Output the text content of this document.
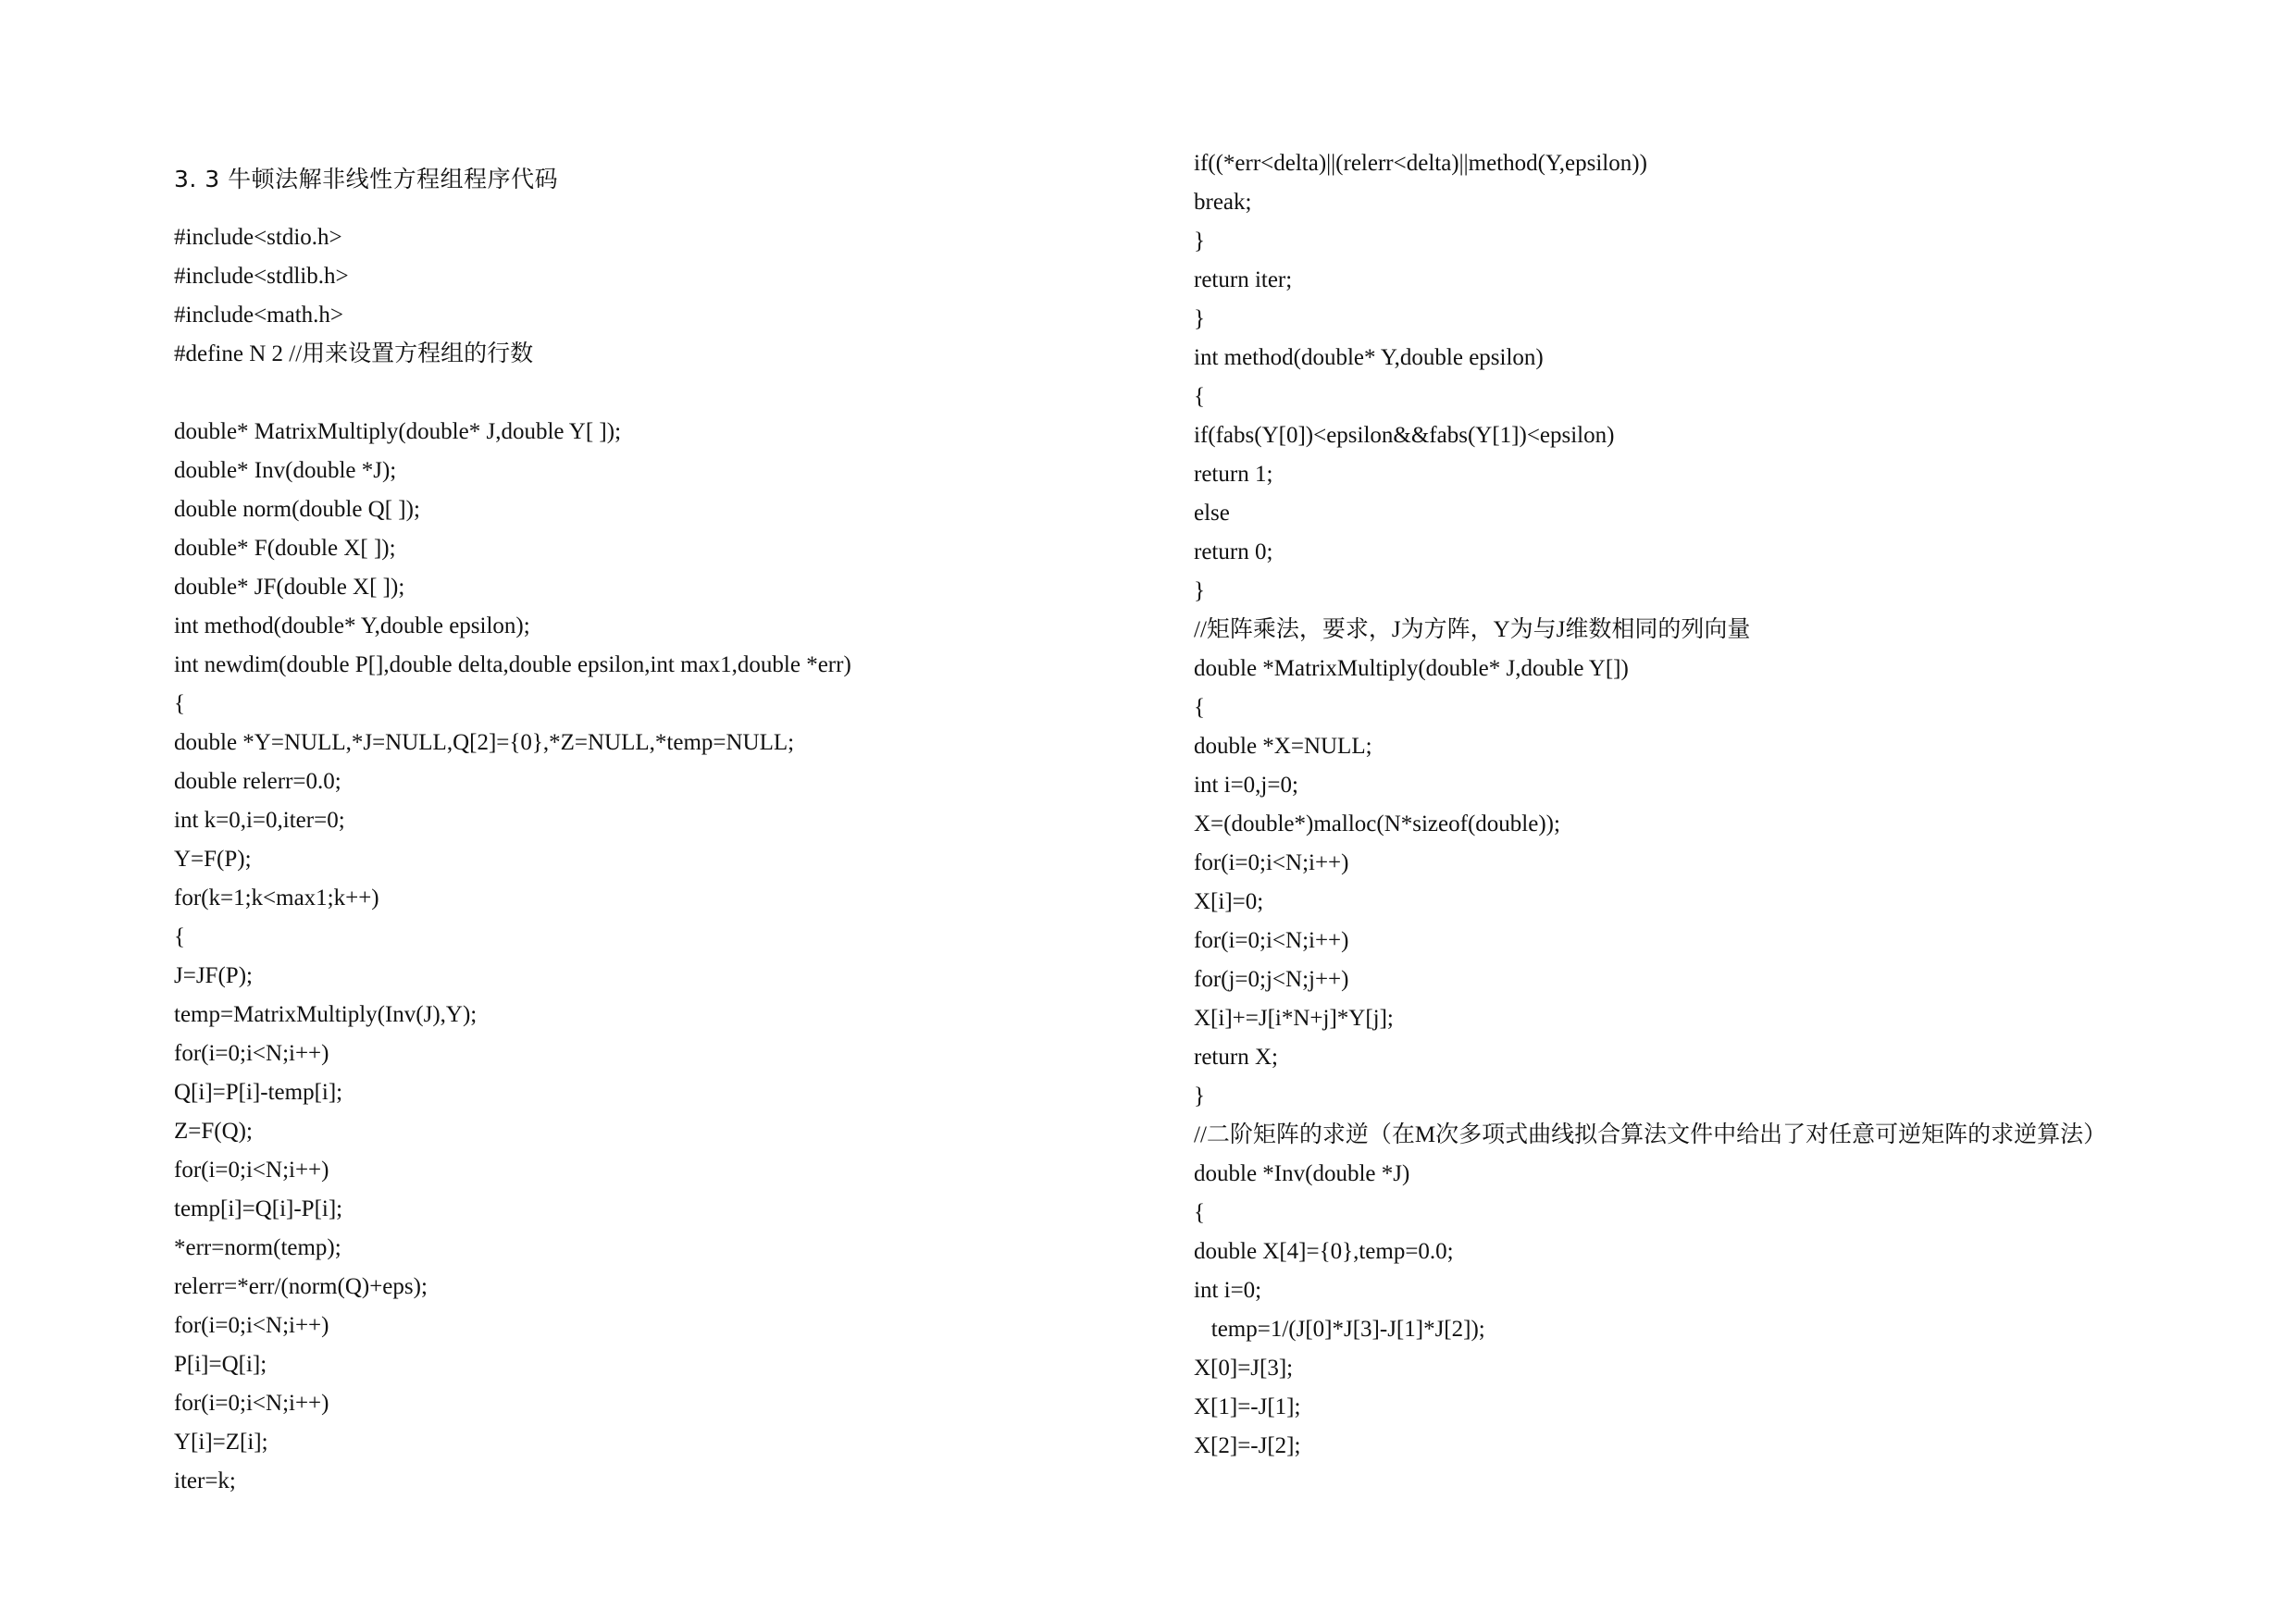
3. 3 牛顿法解非线性方程组程序代码
#include<stdio.h>
#include<stdlib.h>
#include<math.h>
#define N 2 //用来设置方程组的行数
double* MatrixMultiply(double* J,double Y[ ]);
double* Inv(double *J);
double norm(double Q[ ]);
double* F(double X[ ]);
double* JF(double X[ ]);
int method(double* Y,double epsilon);
int newdim(double P[],double delta,double epsilon,int max1,double *err)
{
double *Y=NULL,*J=NULL,Q[2]={0},*Z=NULL,*temp=NULL;
double relerr=0.0;
int k=0,i=0,iter=0;
Y=F(P);
for(k=1;k<max1;k++)
{
J=JF(P);
temp=MatrixMultiply(Inv(J),Y);
for(i=0;i<N;i++)
Q[i]=P[i]-temp[i];
Z=F(Q);
for(i=0;i<N;i++)
temp[i]=Q[i]-P[i];
*err=norm(temp);
relerr=*err/(norm(Q)+eps);
for(i=0;i<N;i++)
P[i]=Q[i];
for(i=0;i<N;i++)
Y[i]=Z[i];
iter=k;
if((*err<delta)||(relerr<delta)||method(Y,epsilon))
break;
}
return iter;
}
int method(double* Y,double epsilon)
{
if(fabs(Y[0])<epsilon&&fabs(Y[1])<epsilon)
return 1;
else
return 0;
}
//矩阵乘法，要求，J为方阵，Y为与J维数相同的列向量
double *MatrixMultiply(double* J,double Y[])
{
double *X=NULL;
int i=0,j=0;
X=(double*)malloc(N*sizeof(double));
for(i=0;i<N;i++)
X[i]=0;
for(i=0;i<N;i++)
for(j=0;j<N;j++)
X[i]+=J[i*N+j]*Y[j];
return X;
}
//二阶矩阵的求逆（在M次多项式曲线拟合算法文件中给出了对任意可逆矩阵的求逆算法）
double *Inv(double *J)
{
double X[4]={0},temp=0.0;
int i=0;
temp=1/(J[0]*J[3]-J[1]*J[2]);
X[0]=J[3];
X[1]=-J[1];
X[2]=-J[2];
